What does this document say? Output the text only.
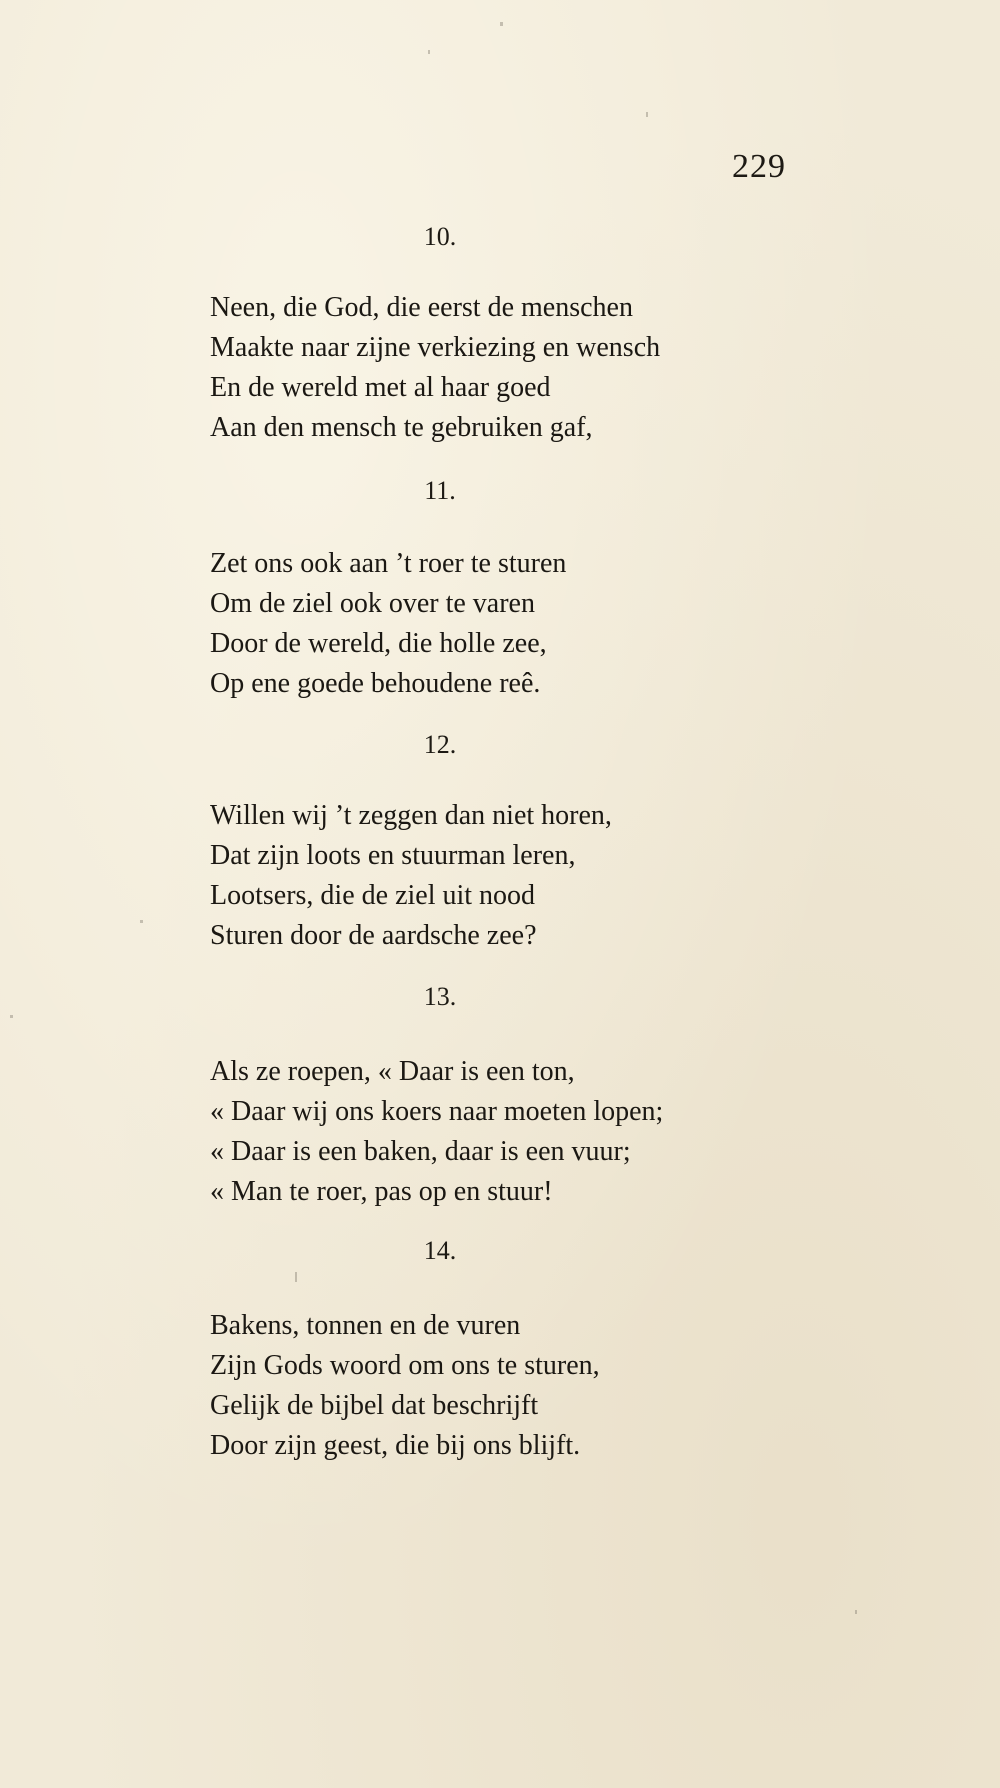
229
10.
Neen, die God, die eerst de menschen
Maakte naar zijne verkiezing en wensch
En de wereld met al haar goed
Aan den mensch te gebruiken gaf,
11.
Zet ons ook aan ’t roer te sturen
Om de ziel ook over te varen
Door de wereld, die holle zee,
Op ene goede behoudene reê.
12.
Willen wij ’t zeggen dan niet horen,
Dat zijn loots en stuurman leren,
Lootsers, die de ziel uit nood
Sturen door de aardsche zee?
13.
Als ze roepen, « Daar is een ton,
« Daar wij ons koers naar moeten lopen;
« Daar is een baken, daar is een vuur;
« Man te roer, pas op en stuur!
14.
Bakens, tonnen en de vuren
Zijn Gods woord om ons te sturen,
Gelijk de bijbel dat beschrijft
Door zijn geest, die bij ons blijft.
